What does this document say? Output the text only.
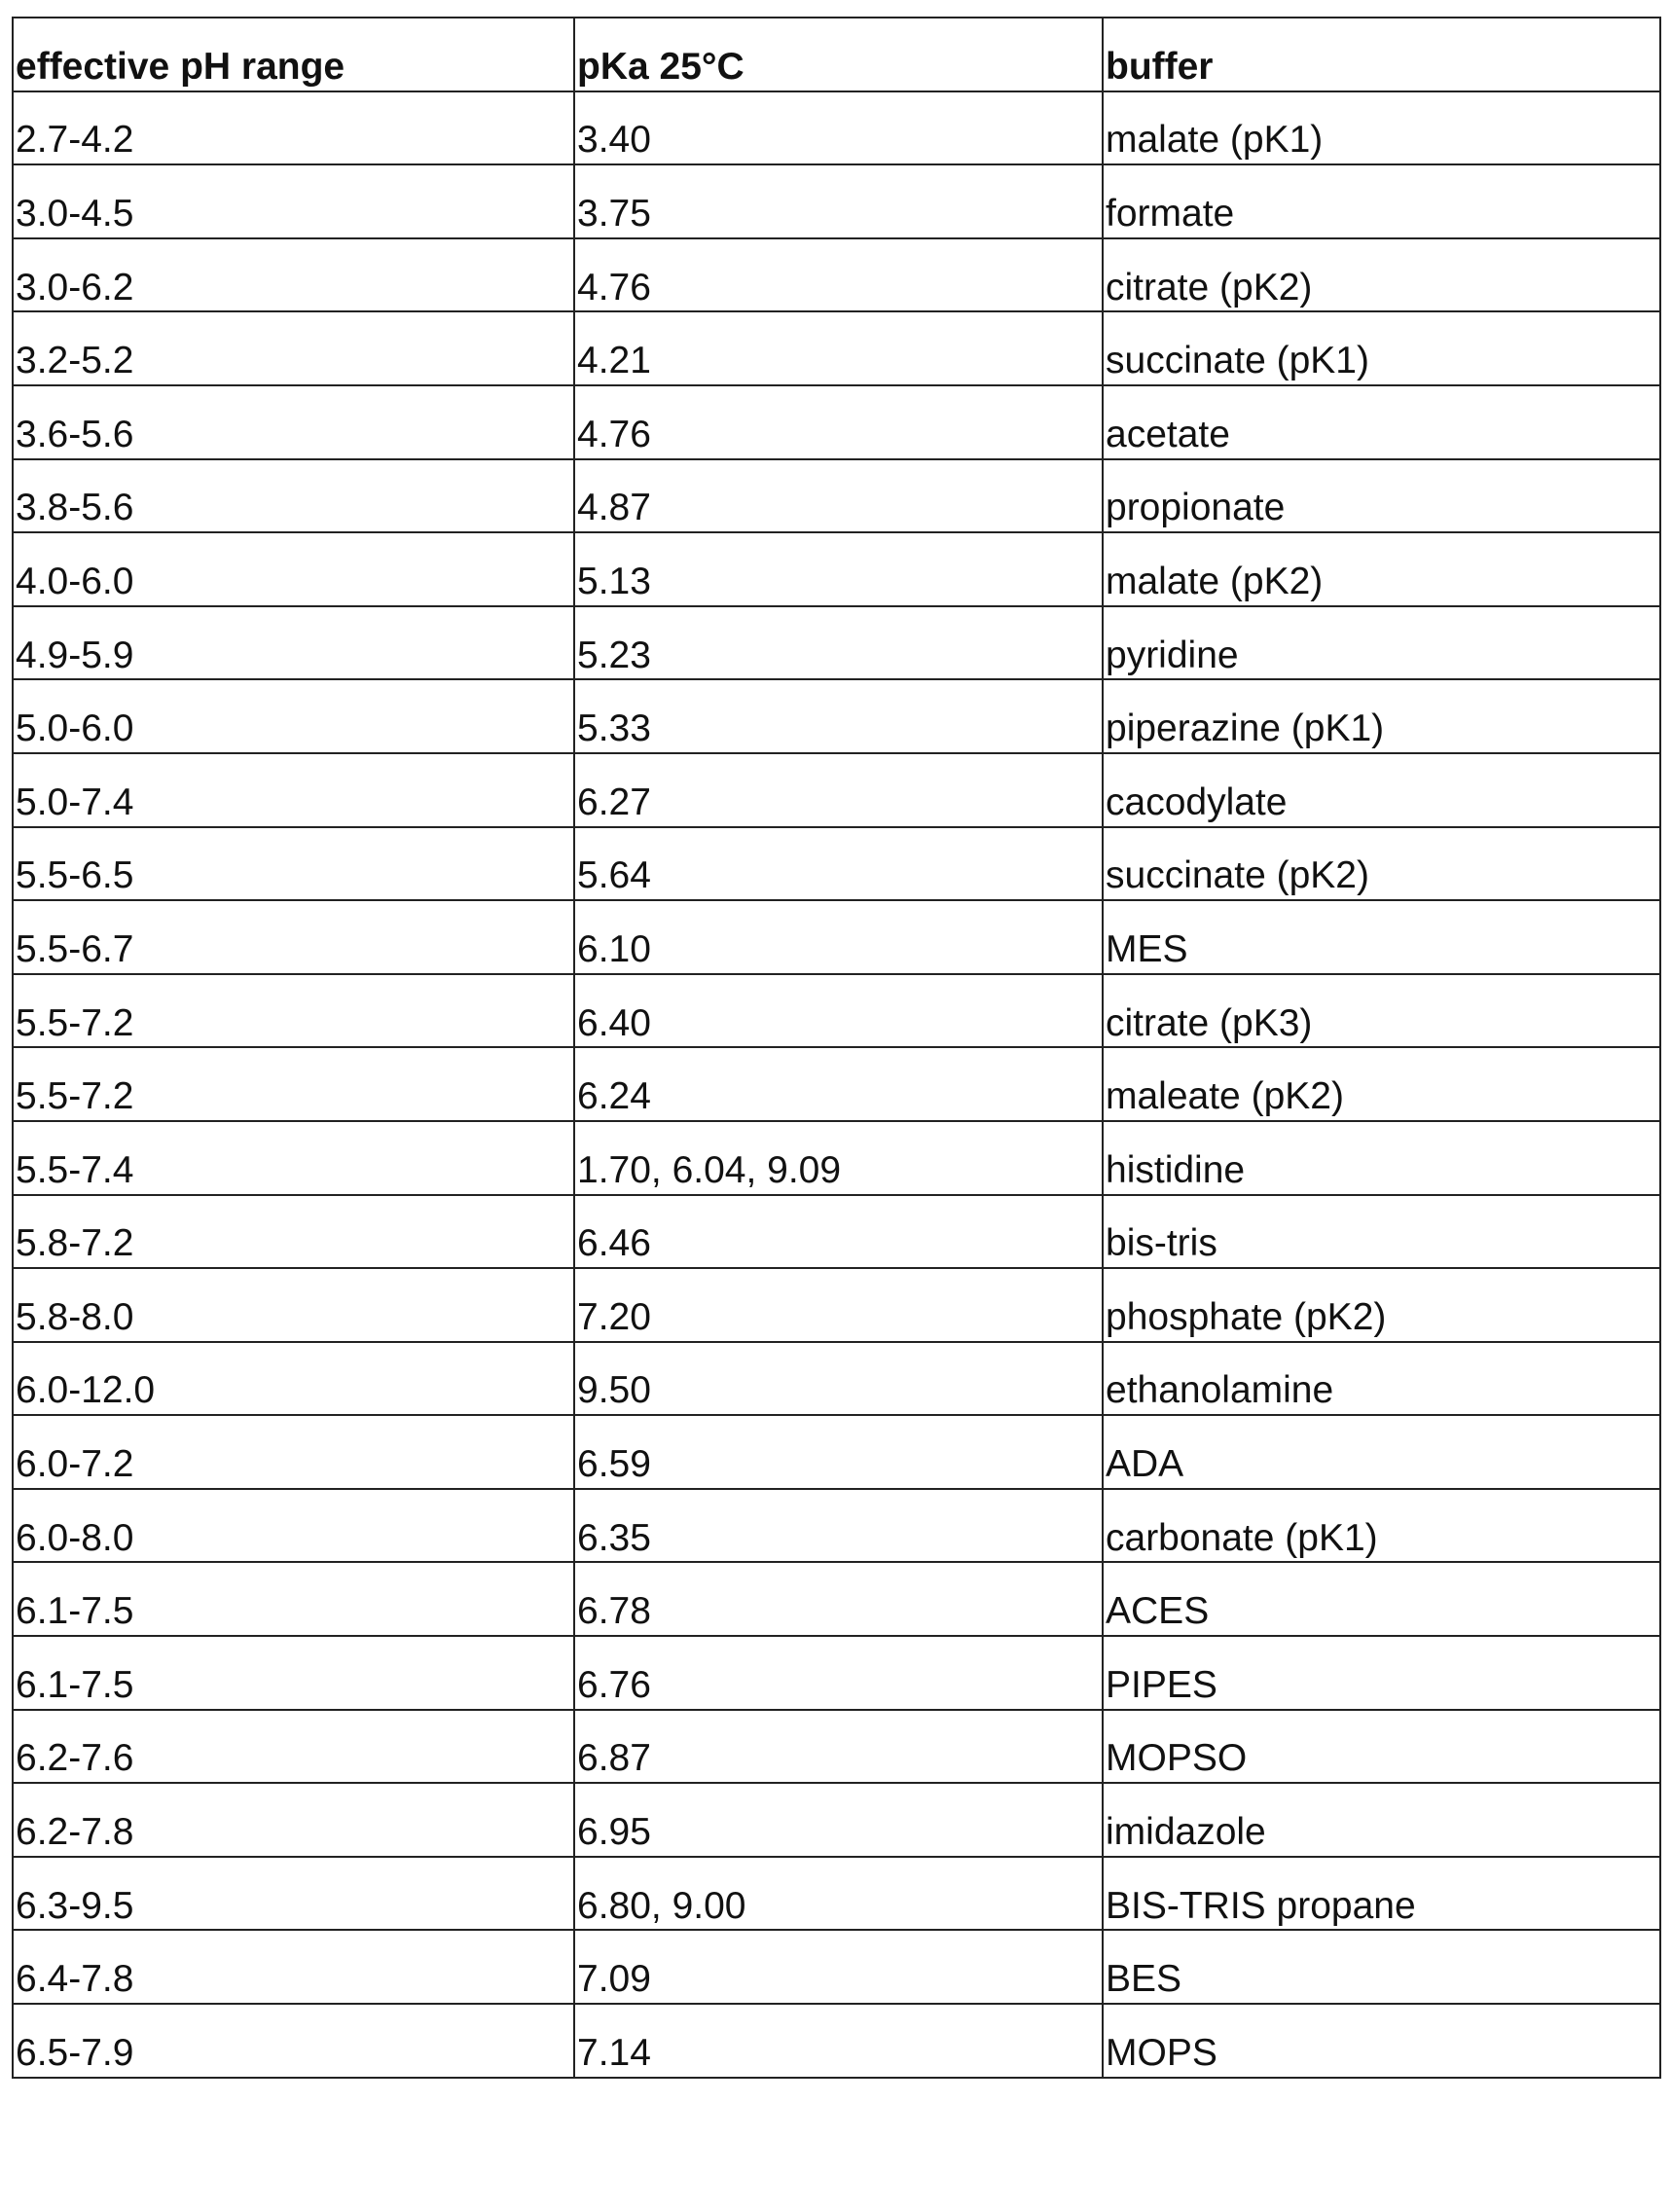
effective pH range	pKa 25°C	buffer
2.7-4.2	3.40	malate (pK1)
3.0-4.5	3.75	formate
3.0-6.2	4.76	citrate (pK2)
3.2-5.2	4.21	succinate (pK1)
3.6-5.6	4.76	acetate
3.8-5.6	4.87	propionate
4.0-6.0	5.13	malate (pK2)
4.9-5.9	5.23	pyridine
5.0-6.0	5.33	piperazine (pK1)
5.0-7.4	6.27	cacodylate
5.5-6.5	5.64	succinate (pK2)
5.5-6.7	6.10	MES
5.5-7.2	6.40	citrate (pK3)
5.5-7.2	6.24	maleate (pK2)
5.5-7.4	1.70, 6.04, 9.09	histidine
5.8-7.2	6.46	bis-tris
5.8-8.0	7.20	phosphate (pK2)
6.0-12.0	9.50	ethanolamine
6.0-7.2	6.59	ADA
6.0-8.0	6.35	carbonate (pK1)
6.1-7.5	6.78	ACES
6.1-7.5	6.76	PIPES
6.2-7.6	6.87	MOPSO
6.2-7.8	6.95	imidazole
6.3-9.5	6.80, 9.00	BIS-TRIS propane
6.4-7.8	7.09	BES
6.5-7.9	7.14	MOPS
